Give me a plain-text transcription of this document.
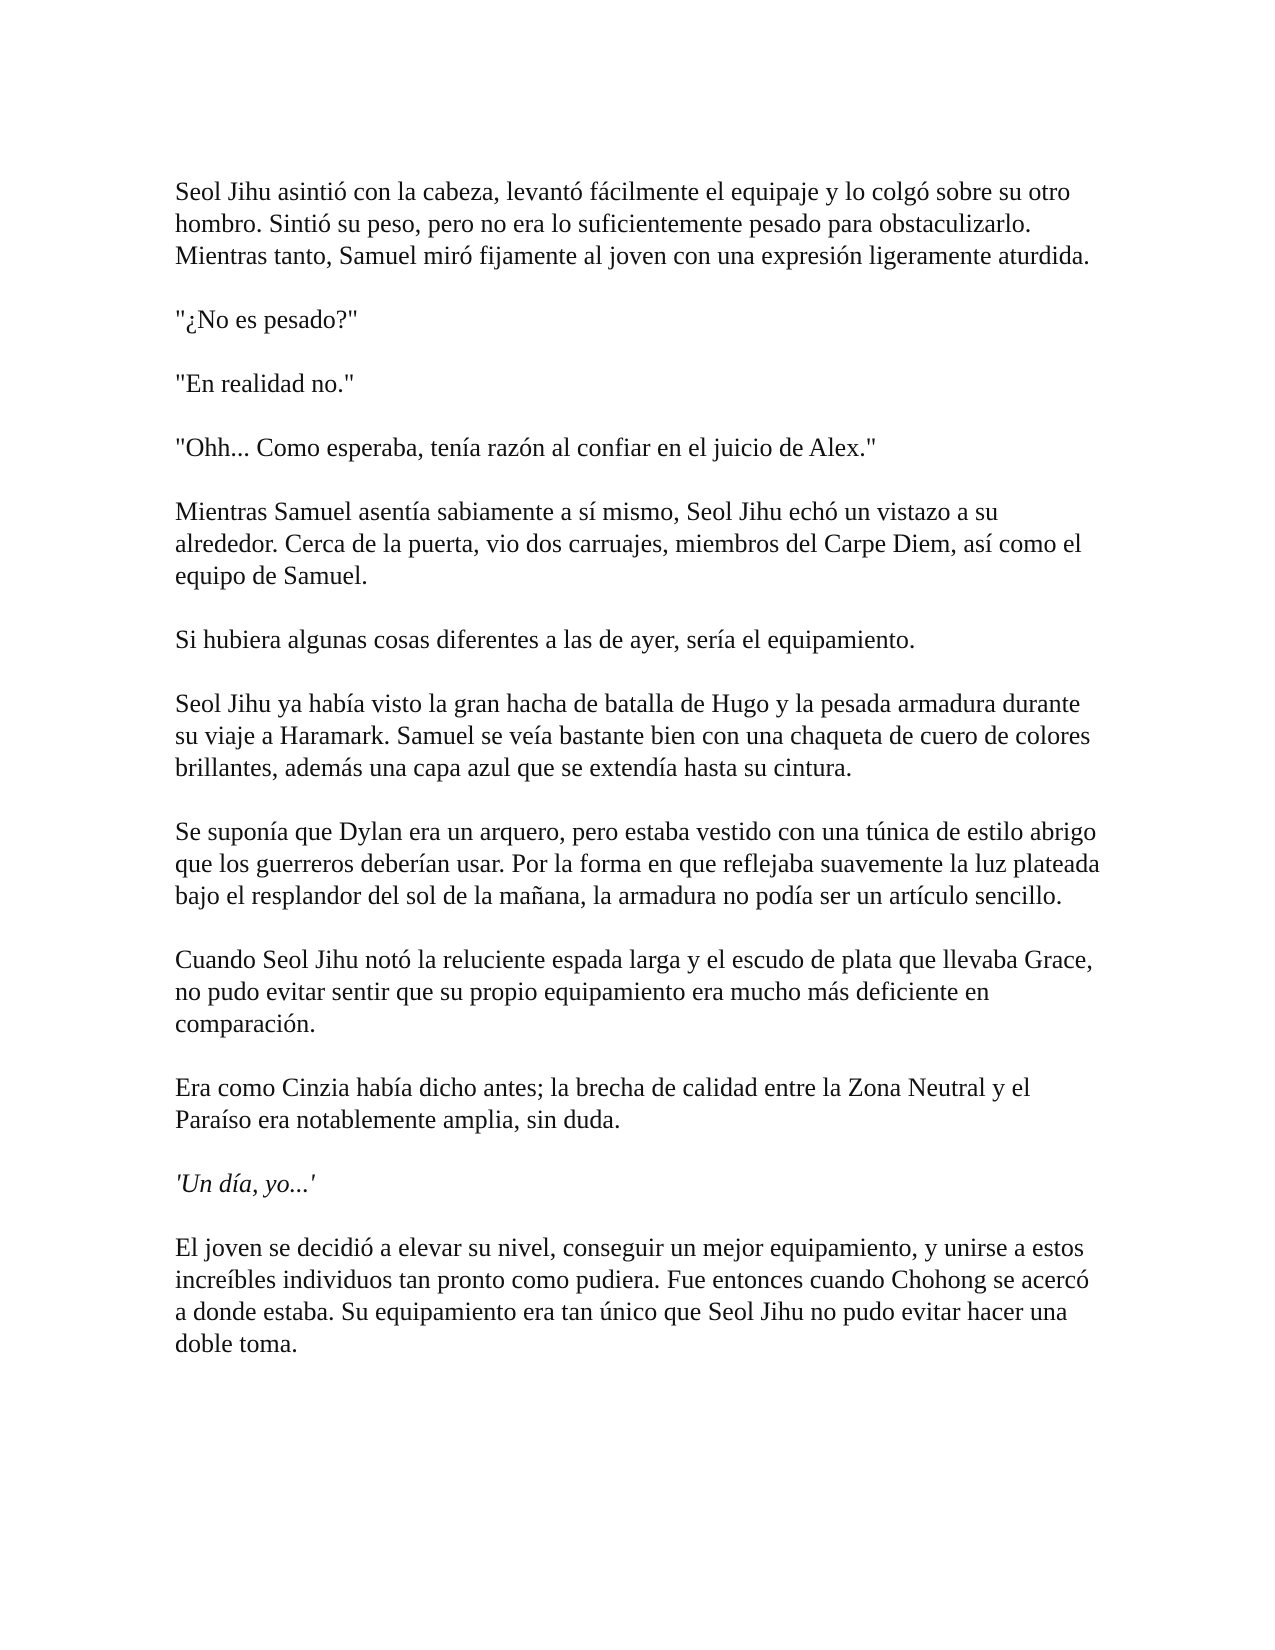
Seol Jihu asintió con la cabeza, levantó fácilmente el equipaje y lo colgó sobre su otro hombro. Sintió su peso, pero no era lo suficientemente pesado para obstaculizarlo. Mientras tanto, Samuel miró fijamente al joven con una expresión ligeramente aturdida.

"¿No es pesado?"

"En realidad no."

"Ohh... Como esperaba, tenía razón al confiar en el juicio de Alex."

Mientras Samuel asentía sabiamente a sí mismo, Seol Jihu echó un vistazo a su alrededor. Cerca de la puerta, vio dos carruajes, miembros del Carpe Diem, así como el equipo de Samuel.

Si hubiera algunas cosas diferentes a las de ayer, sería el equipamiento.

Seol Jihu ya había visto la gran hacha de batalla de Hugo y la pesada armadura durante su viaje a Haramark. Samuel se veía bastante bien con una chaqueta de cuero de colores brillantes, además una capa azul que se extendía hasta su cintura.

Se suponía que Dylan era un arquero, pero estaba vestido con una túnica de estilo abrigo que los guerreros deberían usar. Por la forma en que reflejaba suavemente la luz plateada bajo el resplandor del sol de la mañana, la armadura no podía ser un artículo sencillo.

Cuando Seol Jihu notó la reluciente espada larga y el escudo de plata que llevaba Grace, no pudo evitar sentir que su propio equipamiento era mucho más deficiente en comparación.

Era como Cinzia había dicho antes; la brecha de calidad entre la Zona Neutral y el Paraíso era notablemente amplia, sin duda.

'Un día, yo...'

El joven se decidió a elevar su nivel, conseguir un mejor equipamiento, y unirse a estos increíbles individuos tan pronto como pudiera. Fue entonces cuando Chohong se acercó a donde estaba. Su equipamiento era tan único que Seol Jihu no pudo evitar hacer una doble toma.
